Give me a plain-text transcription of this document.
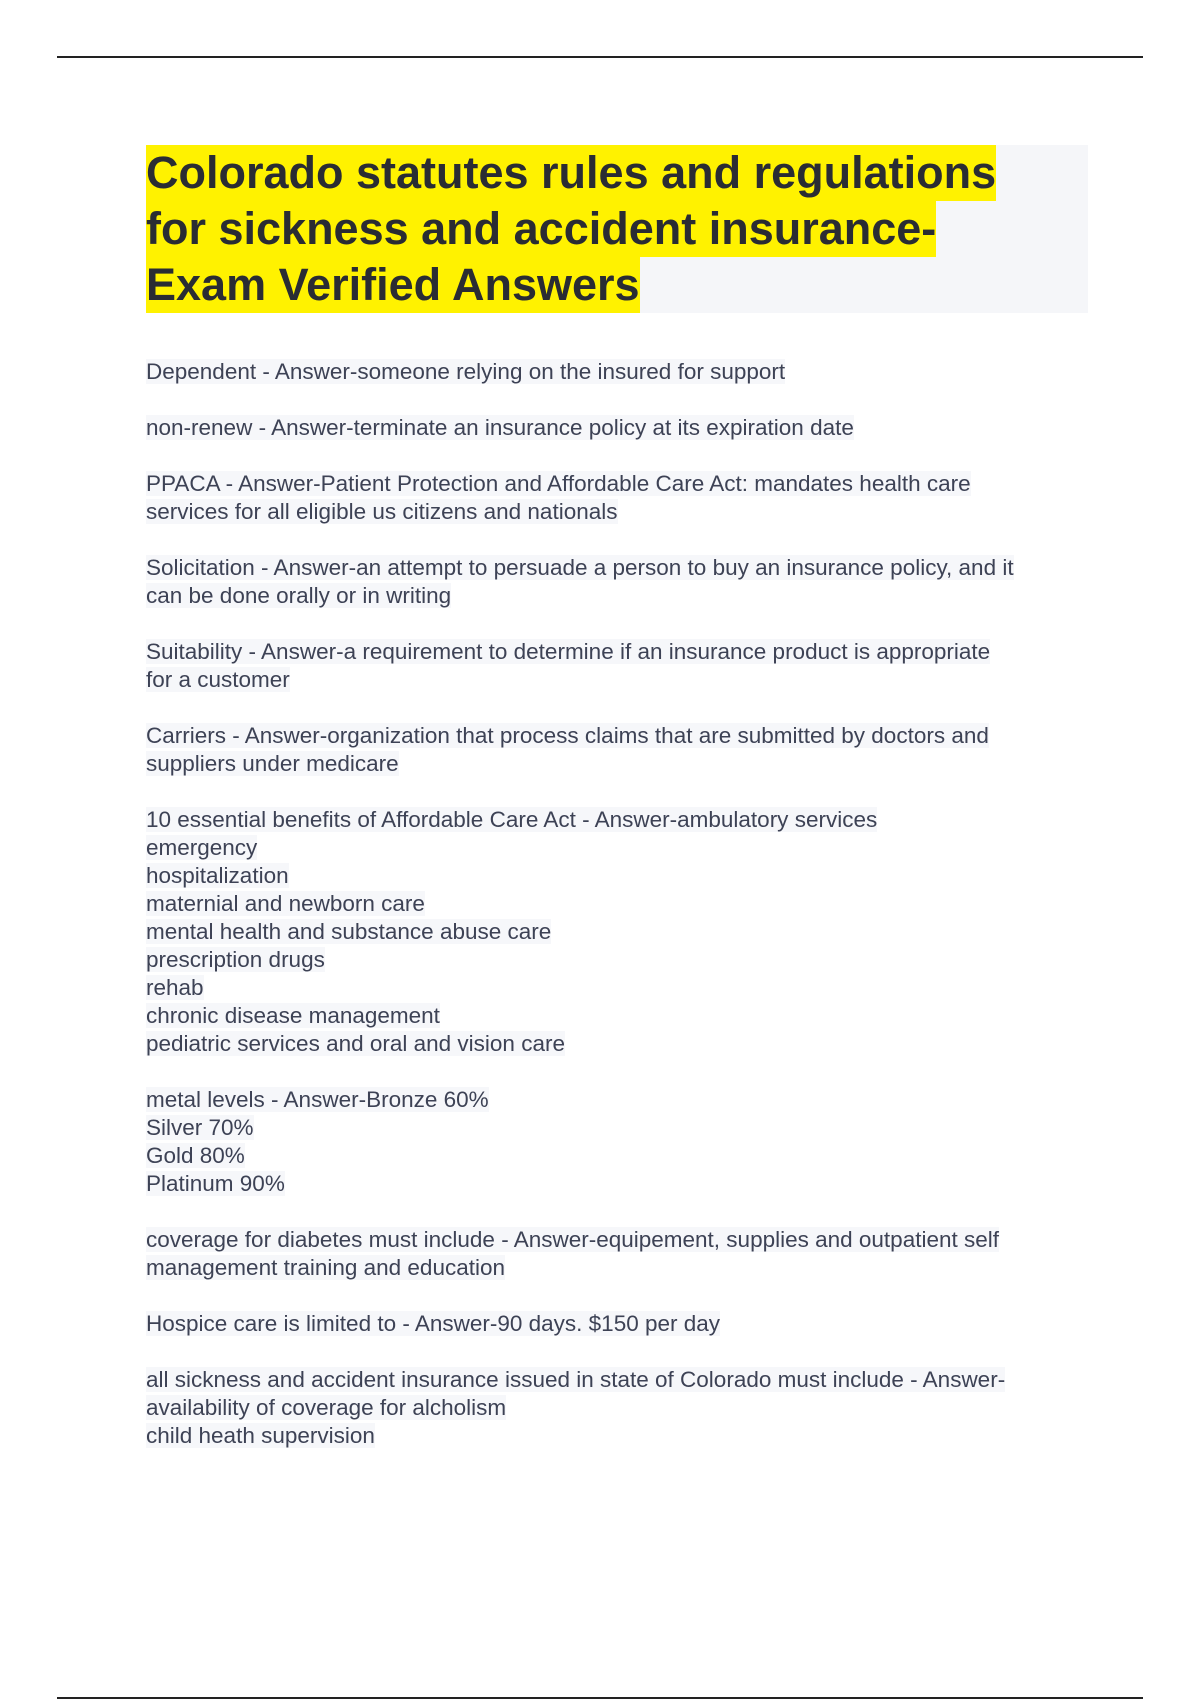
Colorado statutes rules and regulations
for sickness and accident insurance-
Exam Verified Answers
Dependent - Answer-someone relying on the insured for support
non-renew - Answer-terminate an insurance policy at its expiration date
PPACA - Answer-Patient Protection and Affordable Care Act: mandates health care
services for all eligible us citizens and nationals
Solicitation - Answer-an attempt to persuade a person to buy an insurance policy, and it
can be done orally or in writing
Suitability - Answer-a requirement to determine if an insurance product is appropriate
for a customer
Carriers - Answer-organization that process claims that are submitted by doctors and
suppliers under medicare
10 essential benefits of Affordable Care Act - Answer-ambulatory services
emergency
hospitalization
maternial and newborn care
mental health and substance abuse care
prescription drugs
rehab
chronic disease management
pediatric services and oral and vision care
metal levels - Answer-Bronze 60%
Silver 70%
Gold 80%
Platinum 90%
coverage for diabetes must include - Answer-equipement, supplies and outpatient self
management training and education
Hospice care is limited to - Answer-90 days. $150 per day
all sickness and accident insurance issued in state of Colorado must include - Answer-
availability of coverage for alcholism
child heath supervision
